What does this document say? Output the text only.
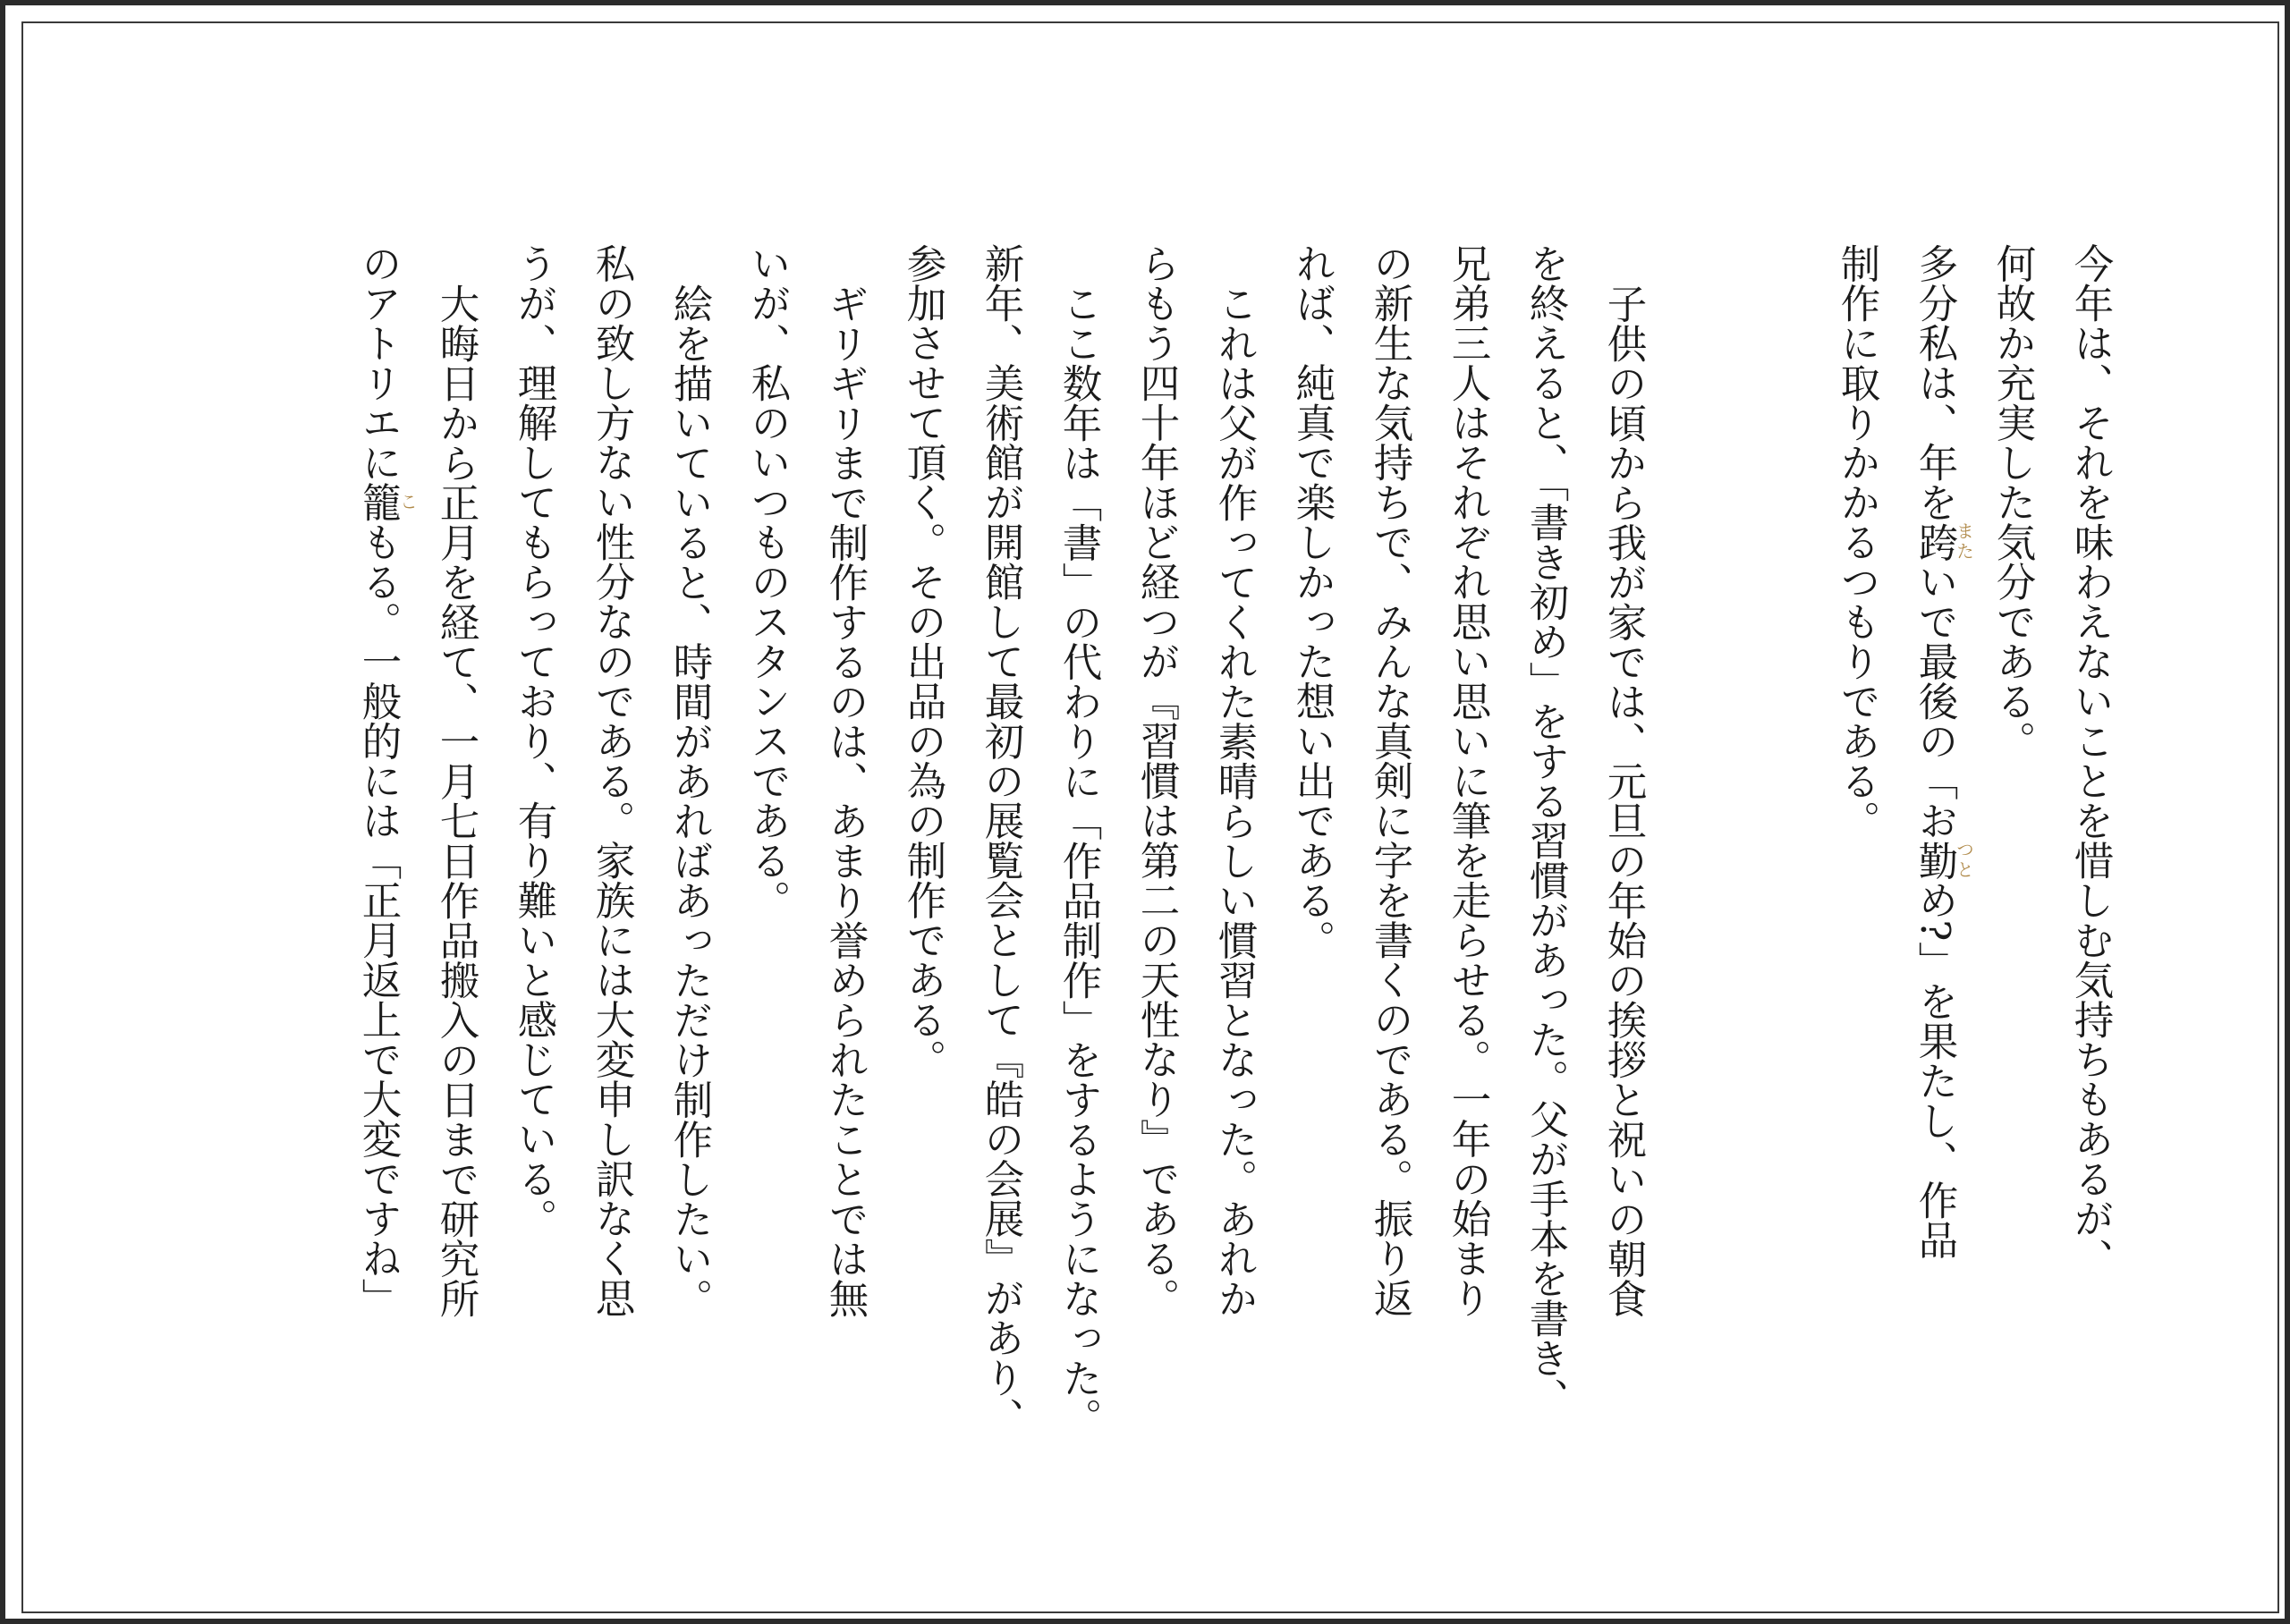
今年は、それを味わえないことを惜しむ気持ちもあるが、
何故か充実した気分である。
多分私は、年を跨またいで最後の「お勤つとめ?」を果たし、作品
制作に取りかかるつもりである。
子供の頃から我が家では、元旦の年始の挨拶と祝いの朝食
を終えると、「書き初め」をする習慣があった。父が手本を書き、
兄弟三人はそれぞれ思い思いに筆を走らせる。一年の始まり
の新生な気持ちで、みんな真剣に字を書くのである。振り返
れば、純真で楽しかった想い出である。
これは父が作ってくれた素晴らしい慣習となった。あれか
らもう四十年ほど経つが『習慣は第二の天性なり』である。
ここ数年は「書」の代わりに「作品制作」をするようになった。
新年、美術館が開館して最初の展覧会として『皓の会展』があり、
参加させて頂く。その出品の為の制作である。
ギリギリまで制作するのは、あまり誉められたことでは無
いが、私のいつものスタンスである。
絵を描いていると、時間があればあっただけ制作したい。
私の致し方ない性分なのである。家族には大変申し訳なく思
うが、理解してもらっており、有り難いと感じている。
大晦日から正月を経て、一月七日作品搬入の日まで研究所
のアトリエに籠こもる。一般的には「正月返上で大変ですね」
